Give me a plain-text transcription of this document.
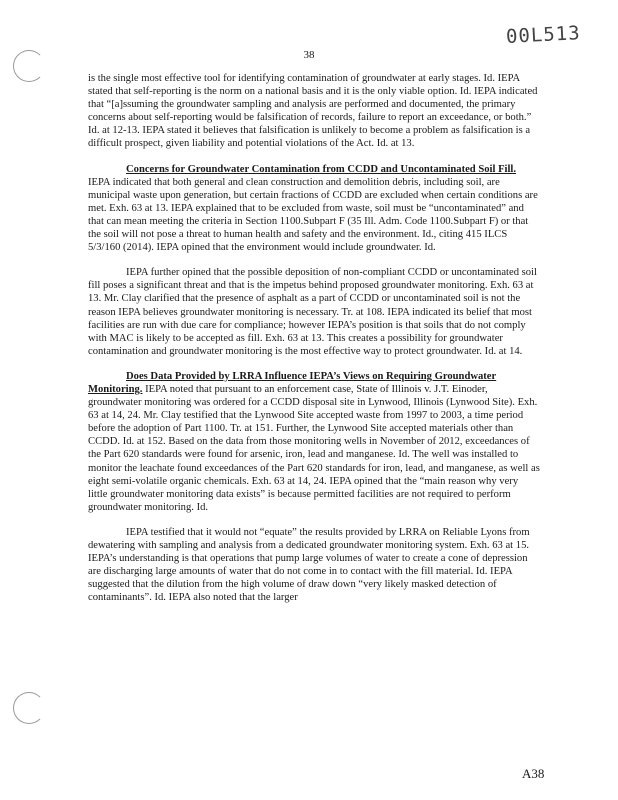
00L513
38

is the single most effective tool for identifying contamination of groundwater at early stages. Id. IEPA stated that self-reporting is the norm on a national basis and it is the only viable option. Id. IEPA indicated that “[a]ssuming the groundwater sampling and analysis are performed and documented, the primary concerns about self-reporting would be falsification of records, failure to report an exceedance, or both.” Id. at 12-13. IEPA stated it believes that falsification is unlikely to become a problem as falsification is a difficult prospect, given liability and potential violations of the Act. Id. at 13.

Concerns for Groundwater Contamination from CCDD and Uncontaminated Soil Fill. IEPA indicated that both general and clean construction and demolition debris, including soil, are municipal waste upon generation, but certain fractions of CCDD are excluded when certain conditions are met. Exh. 63 at 13. IEPA explained that to be excluded from waste, soil must be “uncontaminated” and that can mean meeting the criteria in Section 1100.Subpart F (35 Ill. Adm. Code 1100.Subpart F) or that the soil will not pose a threat to human health and safety and the environment. Id., citing 415 ILCS 5/3/160 (2014). IEPA opined that the environment would include groundwater. Id.

IEPA further opined that the possible deposition of non-compliant CCDD or uncontaminated soil fill poses a significant threat and that is the impetus behind proposed groundwater monitoring. Exh. 63 at 13. Mr. Clay clarified that the presence of asphalt as a part of CCDD or uncontaminated soil is not the reason IEPA believes groundwater monitoring is necessary. Tr. at 108. IEPA indicated its belief that most facilities are run with due care for compliance; however IEPA’s position is that soils that do not comply with MAC is likely to be accepted as fill. Exh. 63 at 13. This creates a possibility for groundwater contamination and groundwater monitoring is the most effective way to protect groundwater. Id. at 14.

Does Data Provided by LRRA Influence IEPA’s Views on Requiring Groundwater Monitoring. IEPA noted that pursuant to an enforcement case, State of Illinois v. J.T. Einoder, groundwater monitoring was ordered for a CCDD disposal site in Lynwood, Illinois (Lynwood Site). Exh. 63 at 14, 24. Mr. Clay testified that the Lynwood Site accepted waste from 1997 to 2003, a time period before the adoption of Part 1100. Tr. at 151. Further, the Lynwood Site accepted materials other than CCDD. Id. at 152. Based on the data from those monitoring wells in November of 2012, exceedances of the Part 620 standards were found for arsenic, iron, lead and manganese. Id. The well was installed to monitor the leachate found exceedances of the Part 620 standards for iron, lead, and manganese, as well as eight semi-volatile organic chemicals. Exh. 63 at 14, 24. IEPA opined that the “main reason why very little groundwater monitoring data exists” is because permitted facilities are not required to perform groundwater monitoring. Id.

IEPA testified that it would not “equate” the results provided by LRRA on Reliable Lyons from dewatering with sampling and analysis from a dedicated groundwater monitoring system. Exh. 63 at 15. IEPA’s understanding is that operations that pump large volumes of water to create a cone of depression are discharging large amounts of water that do not come in to contact with the fill material. Id. IEPA suggested that the dilution from the high volume of draw down “very likely masked detection of contaminants”. Id. IEPA also noted that the larger

A38
